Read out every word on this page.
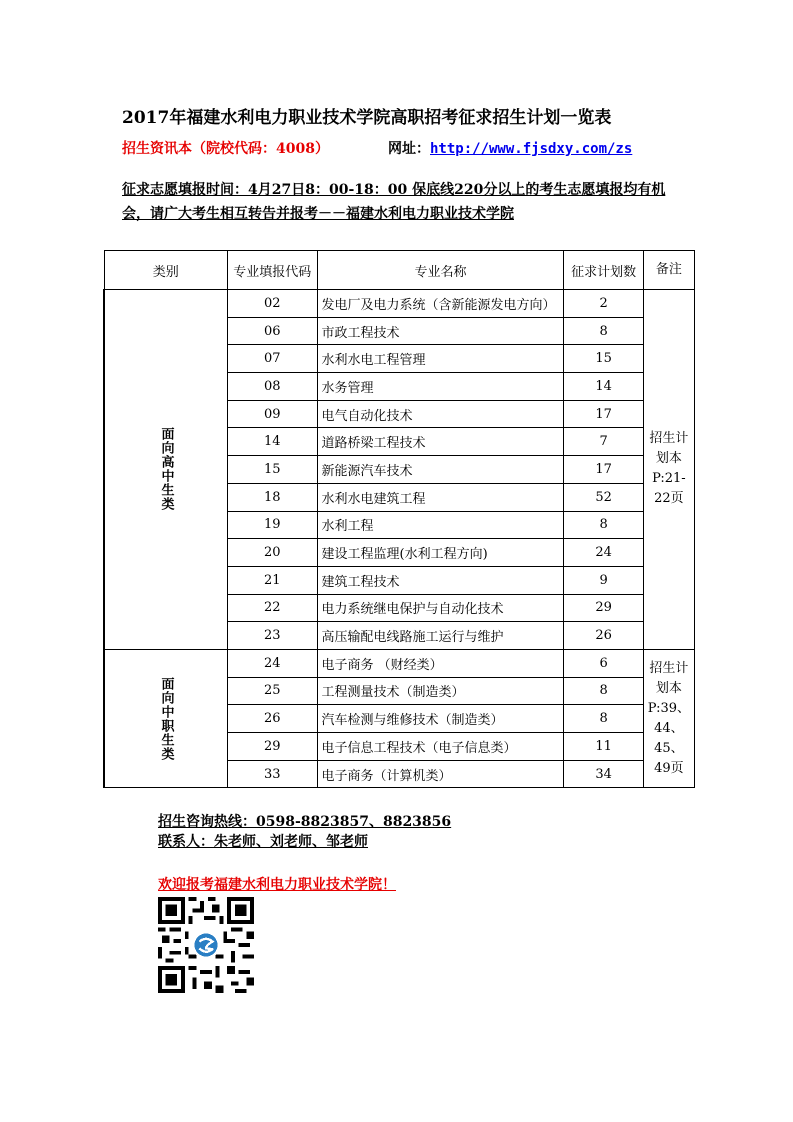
2017年福建水利电力职业技术学院高职招考征求招生计划一览表
招生资讯本（院校代码：4008）	网址：http://www.fjsdxy.com/zs
征求志愿填报时间：4月27日8：00-18：00 保底线220分以上的考生志愿填报均有机会，请广大考生相互转告并报考－－福建水利电力职业技术学院
类别	专业填报代码	专业名称	征求计划数	备注

面向高中生类	02	发电厂及电力系统（含新能源发电方向）	2	招生计划本P:21-22页
	06	市政工程技术	8	
	07	水利水电工程管理	15	
	08	水务管理	14	
	09	电气自动化技术	17	
	14	道路桥梁工程技术	7	
	15	新能源汽车技术	17	
	18	水利水电建筑工程	52	
	19	水利工程	8	
	20	建设工程监理(水利工程方向)	24	
	21	建筑工程技术	9	
	22	电力系统继电保护与自动化技术	29	
	23	高压输配电线路施工运行与维护	26	

面向中职生类	24	电子商务 （财经类）	6	招生计划本P:39、44、45、49页
	25	工程测量技术（制造类）	8	
	26	汽车检测与维修技术（制造类）	8	
	29	电子信息工程技术（电子信息类）	11	
	33	电子商务（计算机类）	34	
招生咨询热线：0598-8823857、8823856
联系人：朱老师、刘老师、邹老师
欢迎报考福建水利电力职业技术学院！
